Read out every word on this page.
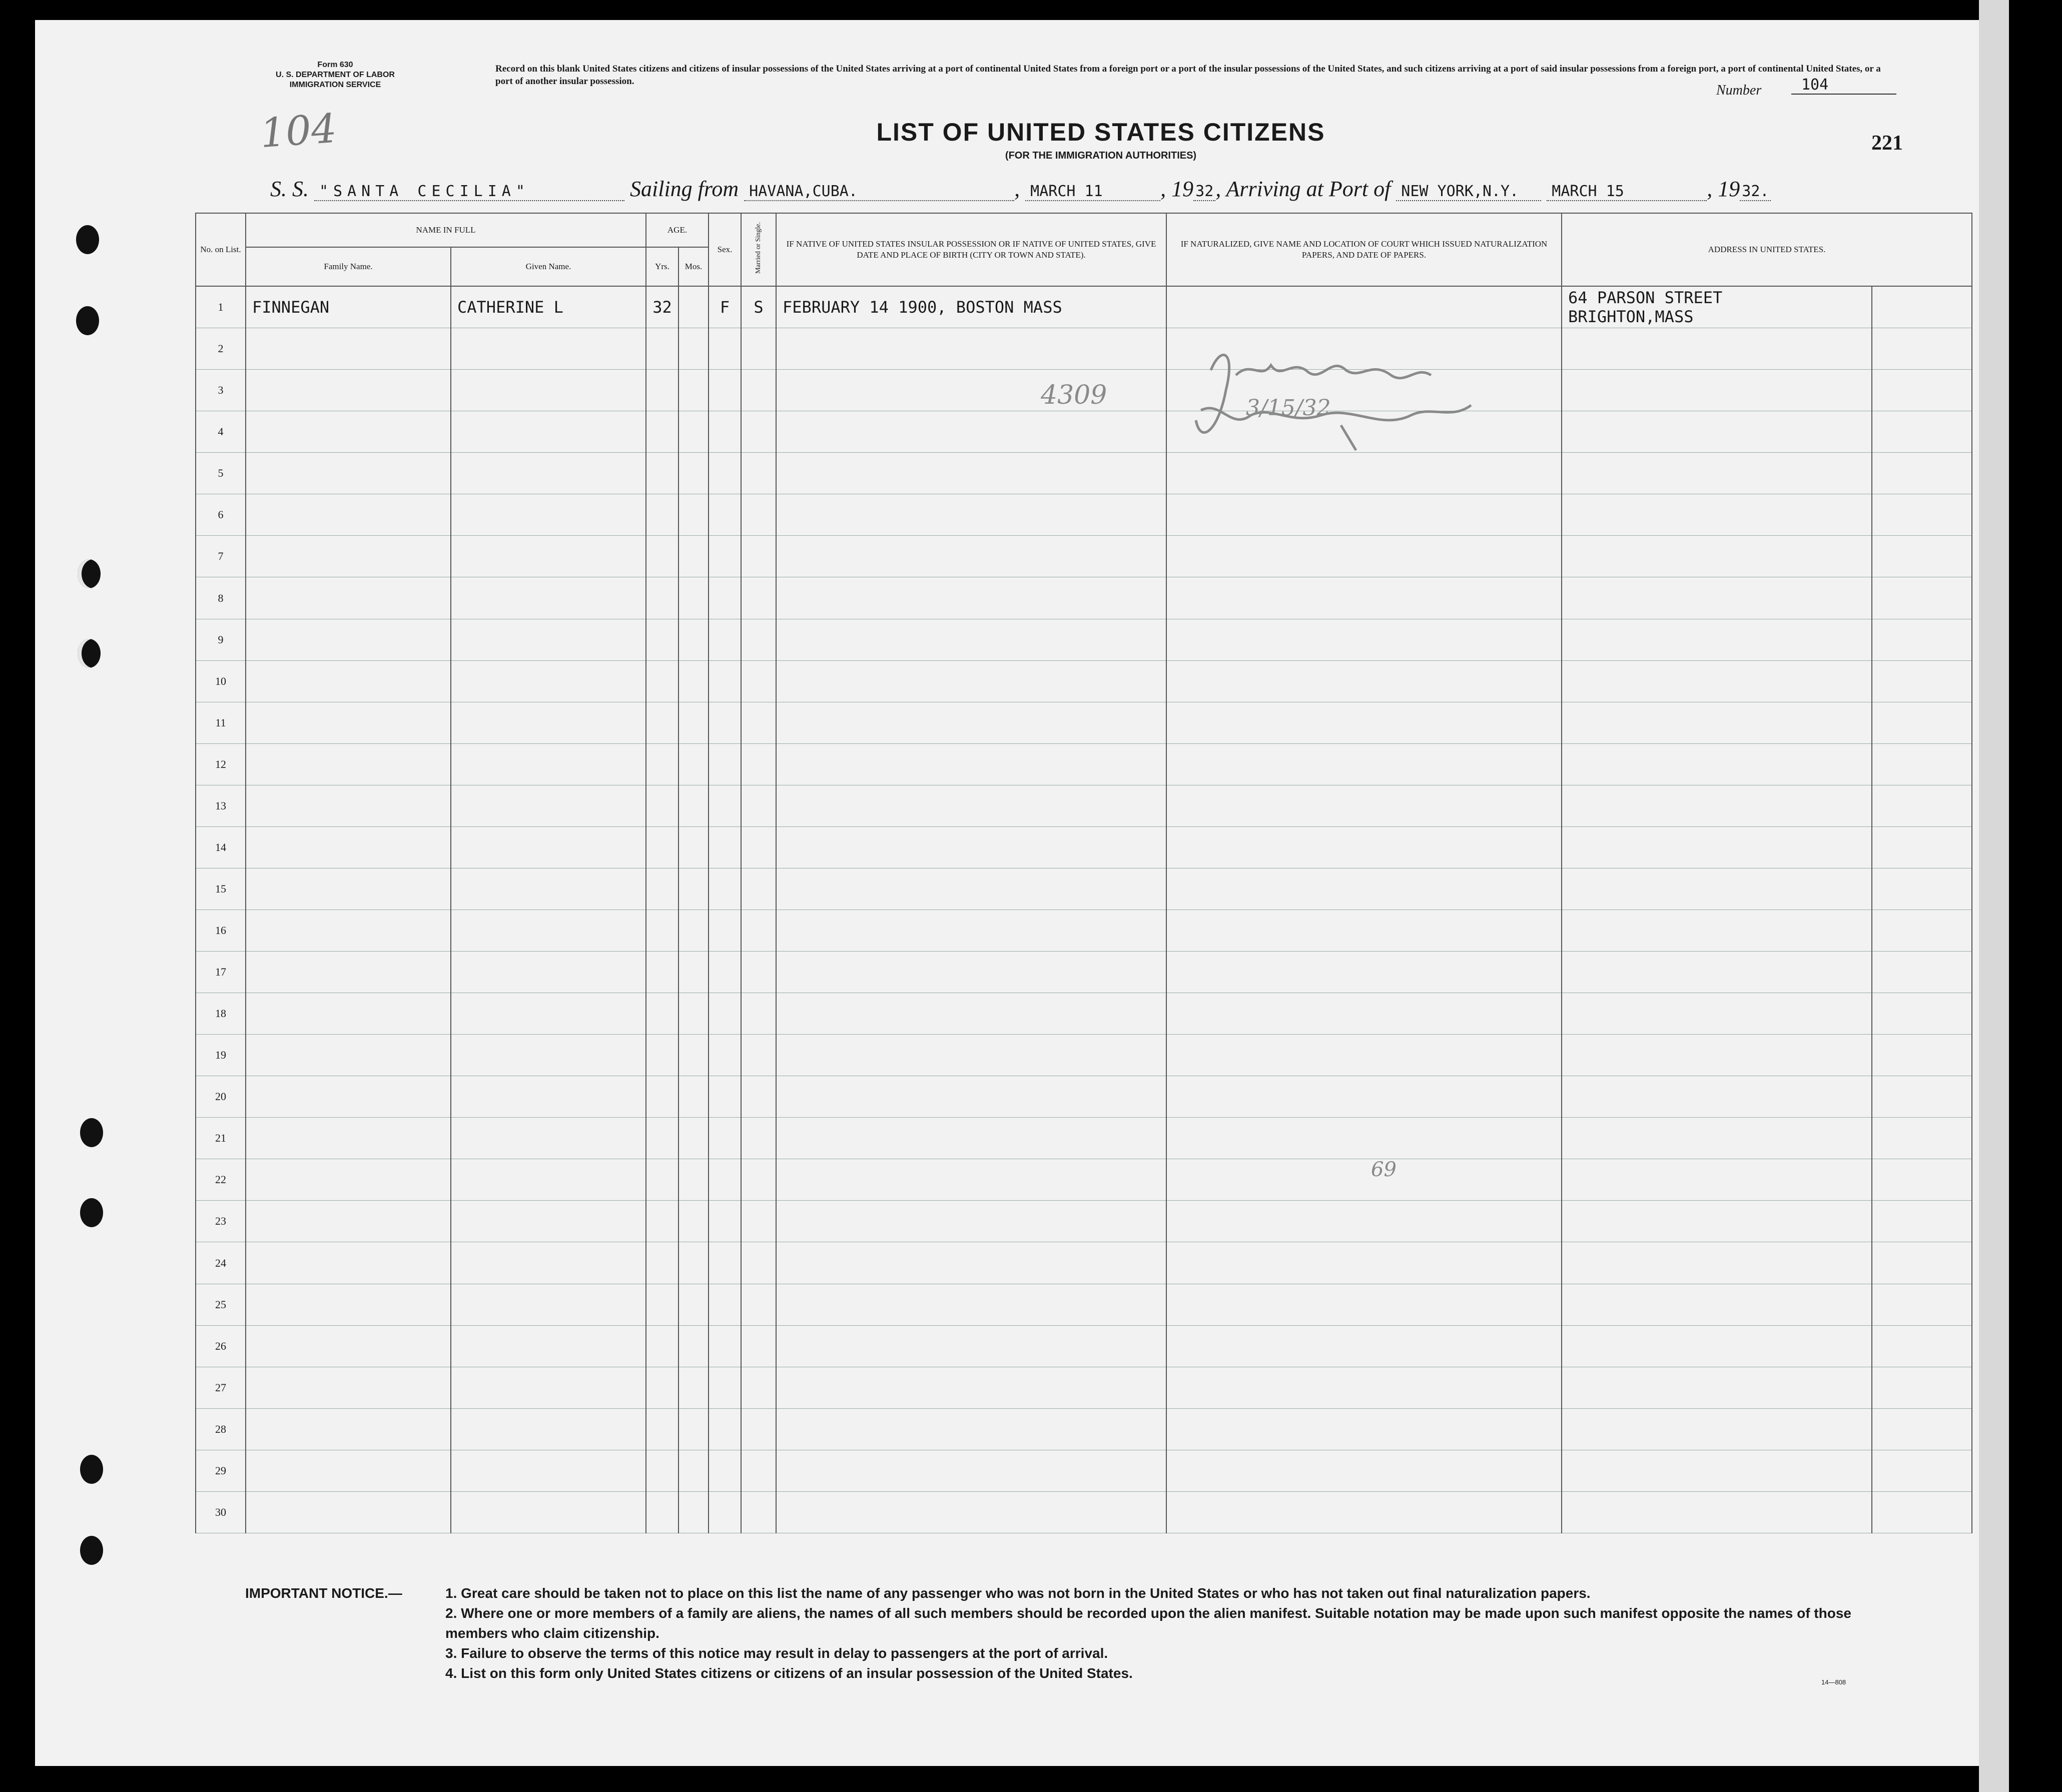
Form 630
U. S. DEPARTMENT OF LABOR
IMMIGRATION SERVICE
Record on this blank United States citizens and citizens of insular possessions of the United States arriving at a port of continental United States from a foreign port or a port of the insular possessions of the United States, and such citizens arriving at a port of said insular possessions from a foreign port, a port of continental United States, or a port of another insular possession.
Number	104
104	LIST OF UNITED STATES CITIZENS
(FOR THE IMMIGRATION AUTHORITIES)
221
S. S. "SANTA CECILIA"	Sailing from HAVANA,CUBA.	, MARCH 11	, 19 32, Arriving at Port of NEW YORK,N.Y. MARCH 15	, 19 32.
No. on List.	NAME IN FULL		AGE.		Sex.	Married or Single.	IF NATIVE OF UNITED STATES INSULAR POSSESSION OR IF NATIVE OF UNITED STATES, GIVE DATE AND PLACE OF BIRTH (CITY OR TOWN AND STATE).	IF NATURALIZED, GIVE NAME AND LOCATION OF COURT WHICH ISSUED NATURALIZATION PAPERS, AND DATE OF PAPERS.	ADDRESS IN UNITED STATES.	
	Family Name.	Given Name.	Yrs.	Mos.						
1	FINNEGAN	CATHERINE L	32		F	S	FEBRUARY 14 1900, BOSTON MASS		64 PARSON STREET
BRIGHTON,MASS	

2									

3									

4									

5									

6									

7									

8									

9									

10									

11									

12									

13									

14									

15									

16									

17									

18									

19									

20									

21									

22									

23									

24									

25									

26									

27									

28									

29									

30									

4309	3/15/32
69
IMPORTANT NOTICE.—	1. Great care should be taken not to place on this list the name of any passenger who was not born in the United States or who has not taken out final naturalization papers.
2. Where one or more members of a family are aliens, the names of all such members should be recorded upon the alien manifest. Suitable notation may be made upon such manifest opposite the names of those members who claim citizenship.
3. Failure to observe the terms of this notice may result in delay to passengers at the port of arrival.
4. List on this form only United States citizens or citizens of an insular possession of the United States.
14—808
